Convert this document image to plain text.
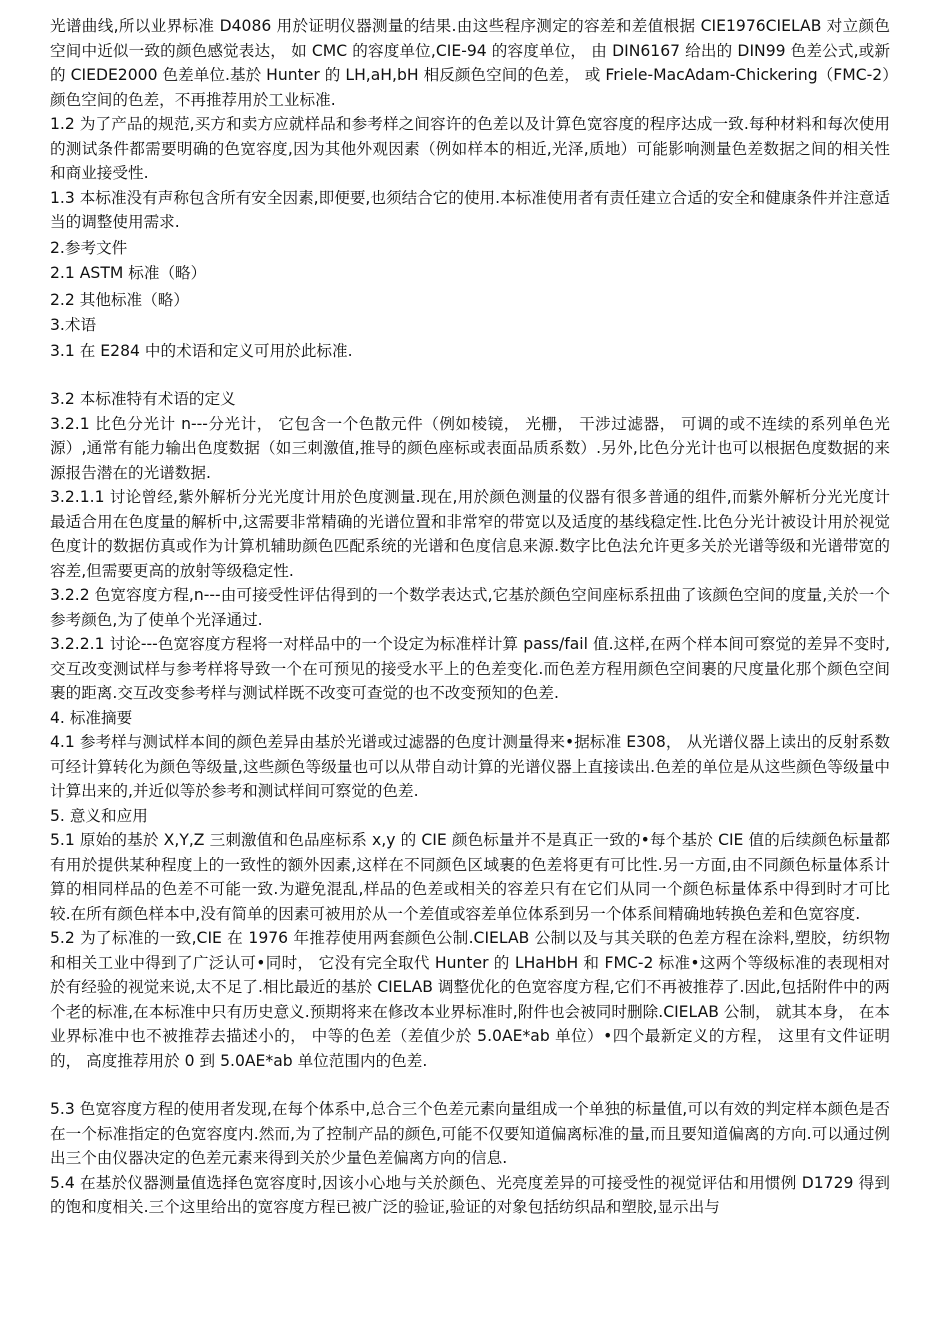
光谱曲线,所以业界标准 D4086 用於证明仪器测量的结果.由这些程序测定的容差和差值根据 CIE1976CIELAB 对立颜色空间中近似一致的颜色感觉表达， 如 CMC 的容度单位,CIE-94 的容度单位， 由 DIN6167 给出的 DIN99 色差公式,或新的 CIEDE2000 色差单位.基於 Hunter 的 LH,aH,bH 相反颜色空间的色差， 或 Friele-MacAdam-Chickering（FMC-2）颜色空间的色差，不再推荐用於工业标准.

1.2 为了产品的规范,买方和卖方应就样品和参考样之间容许的色差以及计算色宽容度的程序达成一致.每种材料和每次使用的测试条件都需要明确的色宽容度,因为其他外观因素（例如样本的相近,光泽,质地）可能影响测量色差数据之间的相关性和商业接受性.

1.3 本标准没有声称包含所有安全因素,即便要,也须结合它的使用.本标准使用者有责任建立合适的安全和健康条件并注意适当的调整使用需求.

2.参考文件

2.1 ASTM 标准（略）

2.2 其他标准（略）

3.术语

3.1 在 E284 中的术语和定义可用於此标准.

3.2 本标准特有术语的定义

3.2.1 比色分光计 n---分光计， 它包含一个色散元件（例如棱镜， 光栅， 干涉过滤器， 可调的或不连续的系列单色光源）,通常有能力输出色度数据（如三刺激值,推导的颜色座标或表面品质系数）.另外,比色分光计也可以根据色度数据的来源报告潜在的光谱数据.

3.2.1.1 讨论曾经,紫外解析分光光度计用於色度测量.现在,用於颜色测量的仪器有很多普通的组件,而紫外解析分光光度计最适合用在色度量的解析中,这需要非常精确的光谱位置和非常窄的带宽以及适度的基线稳定性.比色分光计被设计用於视觉色度计的数据仿真或作为计算机辅助颜色匹配系统的光谱和色度信息来源.数字比色法允许更多关於光谱等级和光谱带宽的容差,但需要更高的放射等级稳定性.

3.2.2 色宽容度方程,n---由可接受性评估得到的一个数学表达式,它基於颜色空间座标系扭曲了该颜色空间的度量,关於一个参考颜色,为了使单个光泽通过.

3.2.2.1 讨论---色宽容度方程将一对样品中的一个设定为标准样计算 pass/fail 值.这样,在两个样本间可察觉的差异不变时,交互改变测试样与参考样将导致一个在可预见的接受水平上的色差变化.而色差方程用颜色空间裹的尺度量化那个颜色空间裹的距离.交互改变参考样与测试样既不改变可查觉的也不改变预知的色差.

4. 标准摘要

4.1 参考样与测试样本间的颜色差异由基於光谱或过滤器的色度计测量得来•据标准 E308， 从光谱仪器上读出的反射系数可经计算转化为颜色等级量,这些颜色等级量也可以从带自动计算的光谱仪器上直接读出.色差的单位是从这些颜色等级量中计算出来的,并近似等於参考和测试样间可察觉的色差.

5. 意义和应用

5.1 原始的基於 X,Y,Z 三刺激值和色品座标系 x,y 的 CIE 颜色标量并不是真正一致的•每个基於 CIE 值的后续颜色标量都有用於提供某种程度上的一致性的额外因素,这样在不同颜色区域裹的色差将更有可比性.另一方面,由不同颜色标量体系计算的相同样品的色差不可能一致.为避免混乱,样品的色差或相关的容差只有在它们从同一个颜色标量体系中得到时才可比较.在所有颜色样本中,没有简单的因素可被用於从一个差值或容差单位体系到另一个体系间精确地转换色差和色宽容度.

5.2 为了标准的一致,CIE 在 1976 年推荐使用两套颜色公制.CIELAB 公制以及与其关联的色差方程在涂料,塑胶，纺织物和相关工业中得到了广泛认可•同时， 它没有完全取代 Hunter 的 LHaHbH 和 FMC-2 标准•这两个等级标准的表现相对於有经验的视觉来说,太不足了.相比最近的基於 CIELAB 调整优化的色宽容度方程,它们不再被推荐了.因此,包括附件中的两个老的标准,在本标准中只有历史意义.预期将来在修改本业界标准时,附件也会被同时删除.CIELAB 公制， 就其本身， 在本业界标准中也不被推荐去描述小的， 中等的色差（差值少於 5.0AE*ab 单位）•四个最新定义的方程， 这里有文件证明的， 高度推荐用於 0 到 5.0AE*ab 单位范围内的色差.

5.3 色宽容度方程的使用者发现,在每个体系中,总合三个色差元素向量组成一个单独的标量值,可以有效的判定样本颜色是否在一个标准指定的色宽容度内.然而,为了控制产品的颜色,可能不仅要知道偏离标准的量,而且要知道偏离的方向.可以通过例出三个由仪器决定的色差元素来得到关於少量色差偏离方向的信息.

5.4 在基於仪器测量值选择色宽容度时,因该小心地与关於颜色、光亮度差异的可接受性的视觉评估和用惯例 D1729 得到的饱和度相关.三个这里给出的宽容度方程已被广泛的验证,验证的对象包括纺织品和塑胶,显示出与
